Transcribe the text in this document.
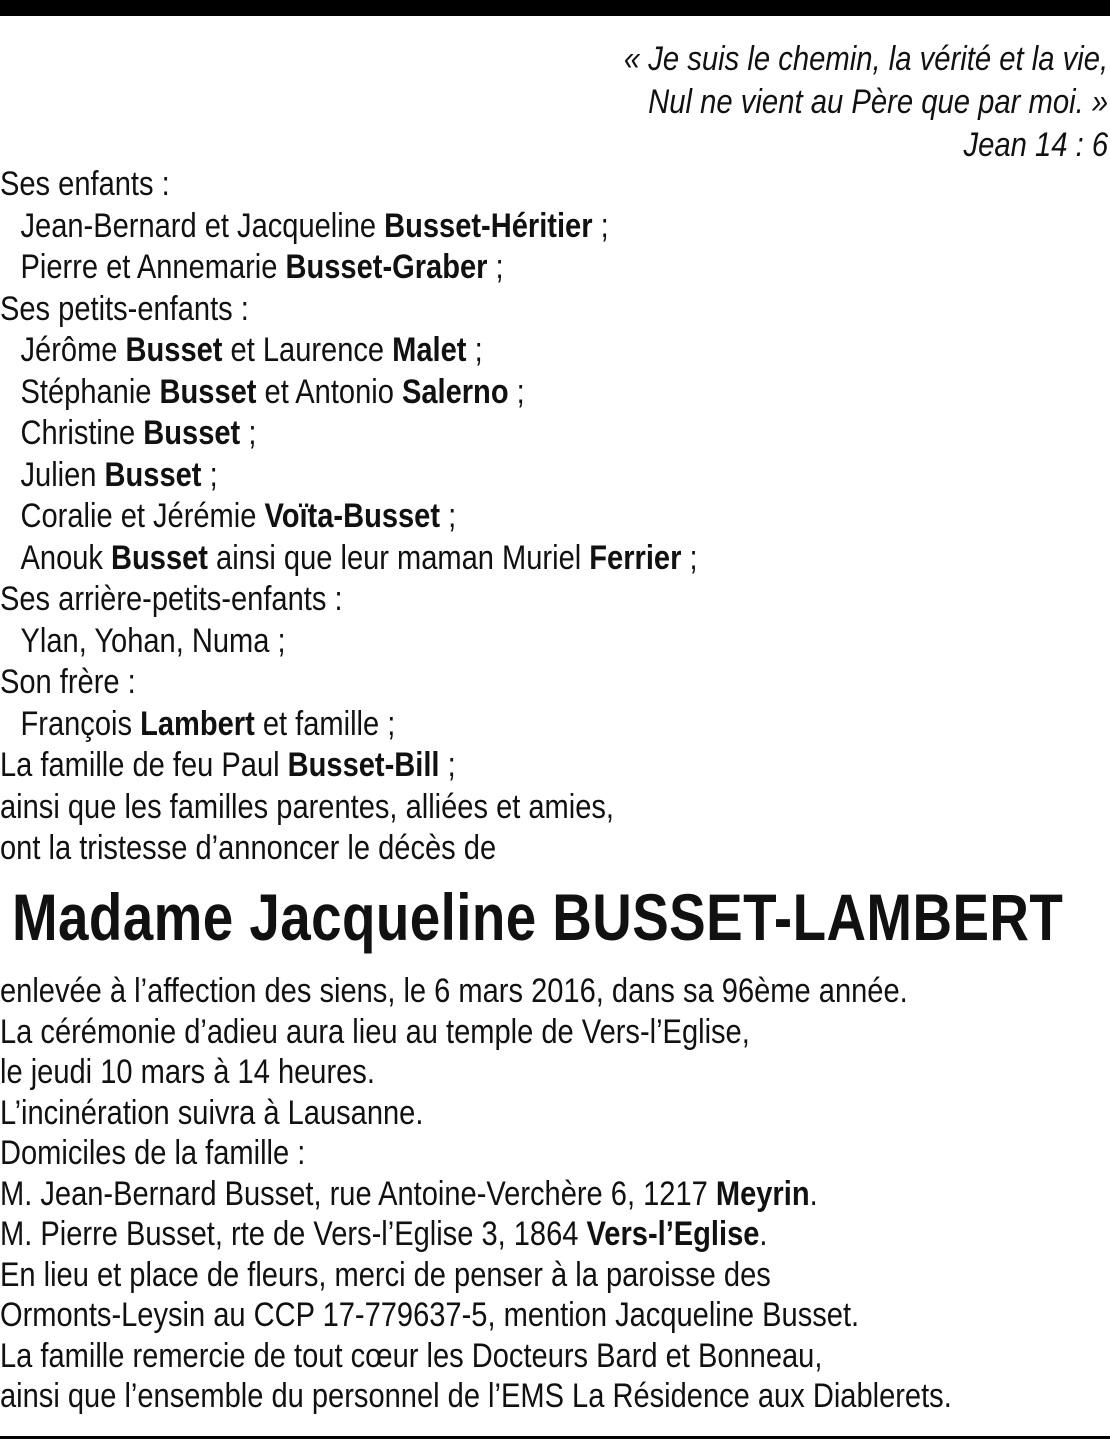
« Je suis le chemin, la vérité et la vie,
Nul ne vient au Père que par moi. »
Jean 14 : 6
Ses enfants :
Jean-Bernard et Jacqueline Busset-Héritier ;
Pierre et Annemarie Busset-Graber ;
Ses petits-enfants :
Jérôme Busset et Laurence Malet ;
Stéphanie Busset et Antonio Salerno ;
Christine Busset ;
Julien Busset ;
Coralie et Jérémie Voïta-Busset ;
Anouk Busset ainsi que leur maman Muriel Ferrier ;
Ses arrière-petits-enfants :
Ylan, Yohan, Numa ;
Son frère :
François Lambert et famille ;
La famille de feu Paul Busset-Bill ;
ainsi que les familles parentes, alliées et amies,
ont la tristesse d’annoncer le décès de
Madame Jacqueline BUSSET-LAMBERT
enlevée à l’affection des siens, le 6 mars 2016, dans sa 96ème année.
La cérémonie d’adieu aura lieu au temple de Vers-l’Eglise,
le jeudi 10 mars à 14 heures.
L’incinération suivra à Lausanne.
Domiciles de la famille :
M. Jean-Bernard Busset, rue Antoine-Verchère 6, 1217 Meyrin.
M. Pierre Busset, rte de Vers-l’Eglise 3, 1864 Vers-l’Eglise.
En lieu et place de fleurs, merci de penser à la paroisse des
Ormonts-Leysin au CCP 17-779637-5, mention Jacqueline Busset.
La famille remercie de tout cœur les Docteurs Bard et Bonneau,
ainsi que l’ensemble du personnel de l’EMS La Résidence aux Diablerets.
